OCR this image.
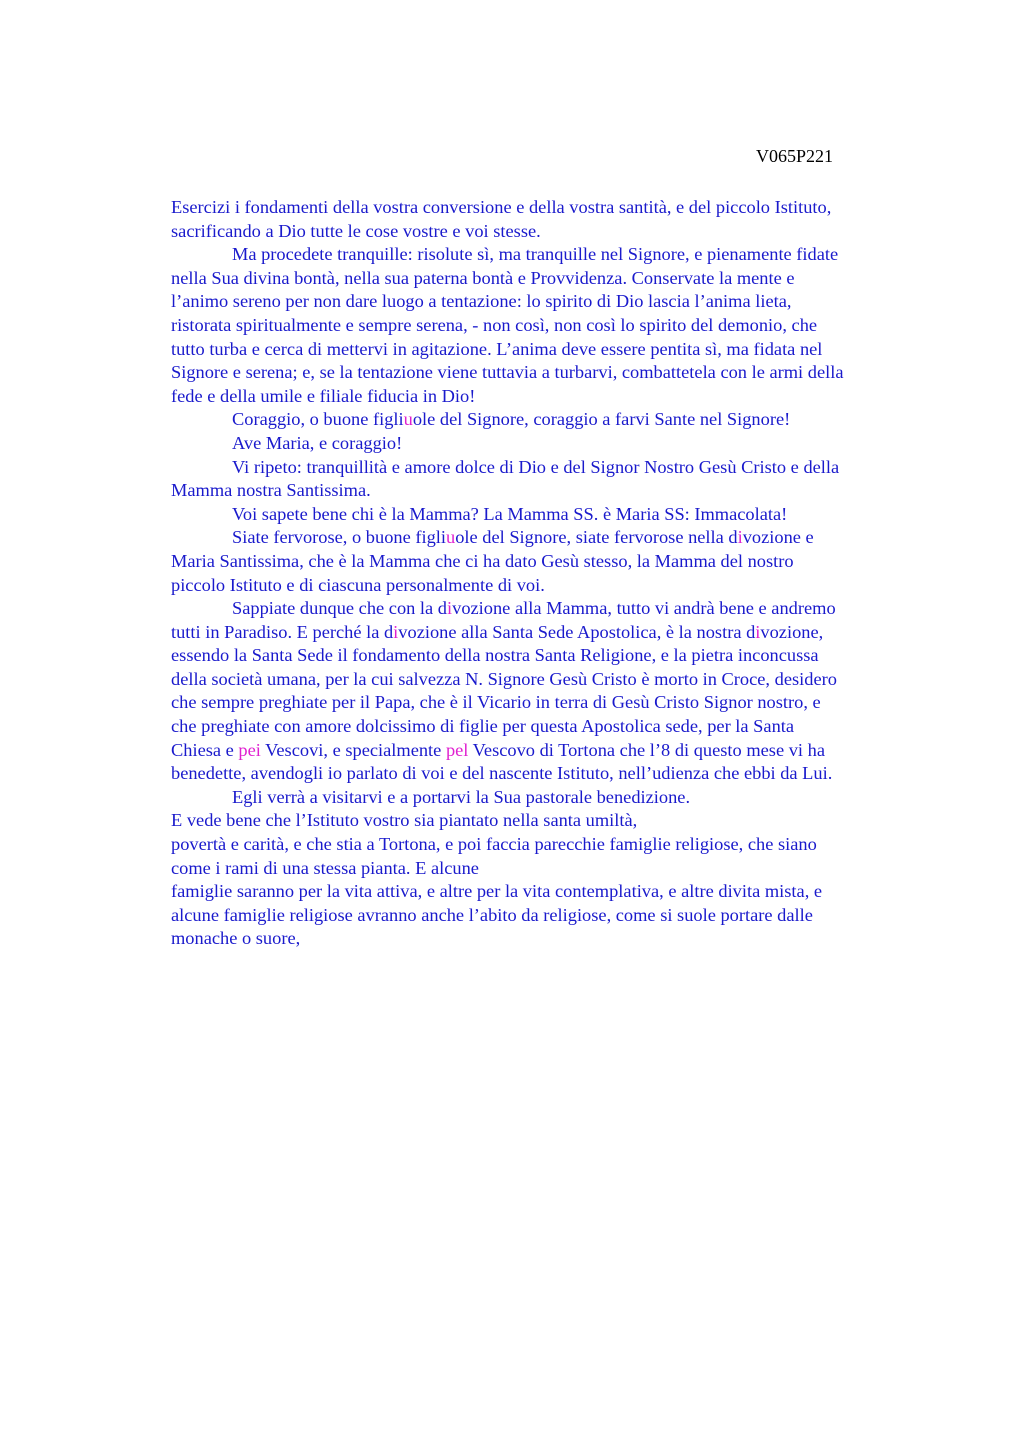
V065P221

Esercizi i fondamenti della vostra conversione e della vostra santità, e del piccolo Istituto,

sacrificando a Dio tutte le cose vostre e voi stesse.

Ma procedete tranquille: risolute sì, ma tranquille nel Signore, e pienamente fidate

nella Sua divina bontà, nella sua paterna bontà e Provvidenza. Conservate la mente e

l’animo sereno per non dare luogo a tentazione: lo spirito di Dio lascia l’anima lieta,

ristorata spiritualmente e sempre serena, - non così, non così lo spirito del demonio, che

tutto turba e cerca di mettervi in agitazione. L’anima deve essere pentita sì, ma fidata nel

Signore e serena; e, se la tentazione viene tuttavia a turbarvi, combattetela con le armi della

fede e della umile e filiale fiducia in Dio!

Coraggio, o buone figliuole del Signore, coraggio a farvi Sante nel Signore!

Ave Maria, e coraggio!

Vi ripeto: tranquillità e amore dolce di Dio e del Signor Nostro Gesù Cristo e della

Mamma nostra Santissima.

Voi sapete bene chi è la Mamma? La Mamma SS. è Maria SS: Immacolata!

Siate fervorose, o buone figliuole del Signore, siate fervorose nella divozione e

Maria Santissima, che è la Mamma che ci ha dato Gesù stesso, la Mamma del nostro

piccolo Istituto e di ciascuna personalmente di voi.

Sappiate dunque che con la divozione alla Mamma, tutto vi andrà bene e andremo

tutti in Paradiso. E perché la divozione alla Santa Sede Apostolica, è la nostra divozione,

essendo la Santa Sede il fondamento della nostra Santa Religione, e la pietra inconcussa

della società umana, per la cui salvezza N. Signore Gesù Cristo è morto in Croce, desidero

che sempre preghiate per il Papa, che è il Vicario in terra di Gesù Cristo Signor nostro, e

che preghiate con amore dolcissimo di figlie per questa Apostolica sede, per la Santa

Chiesa e pei Vescovi, e specialmente pel Vescovo di Tortona che l’8 di questo mese vi ha

benedette, avendogli io parlato di voi e del nascente Istituto, nell’udienza che ebbi da Lui.

Egli verrà a visitarvi e a portarvi la Sua pastorale benedizione.

E vede bene che l’Istituto vostro sia piantato nella santa umiltà,

povertà e carità, e che stia a Tortona, e poi faccia parecchie famiglie religiose, che siano

come i rami di una stessa pianta. E alcune

famiglie saranno per la vita attiva, e altre per la vita contemplativa, e altre divita mista, e

alcune famiglie religiose avranno anche l’abito da religiose, come si suole portare dalle

monache o suore,
